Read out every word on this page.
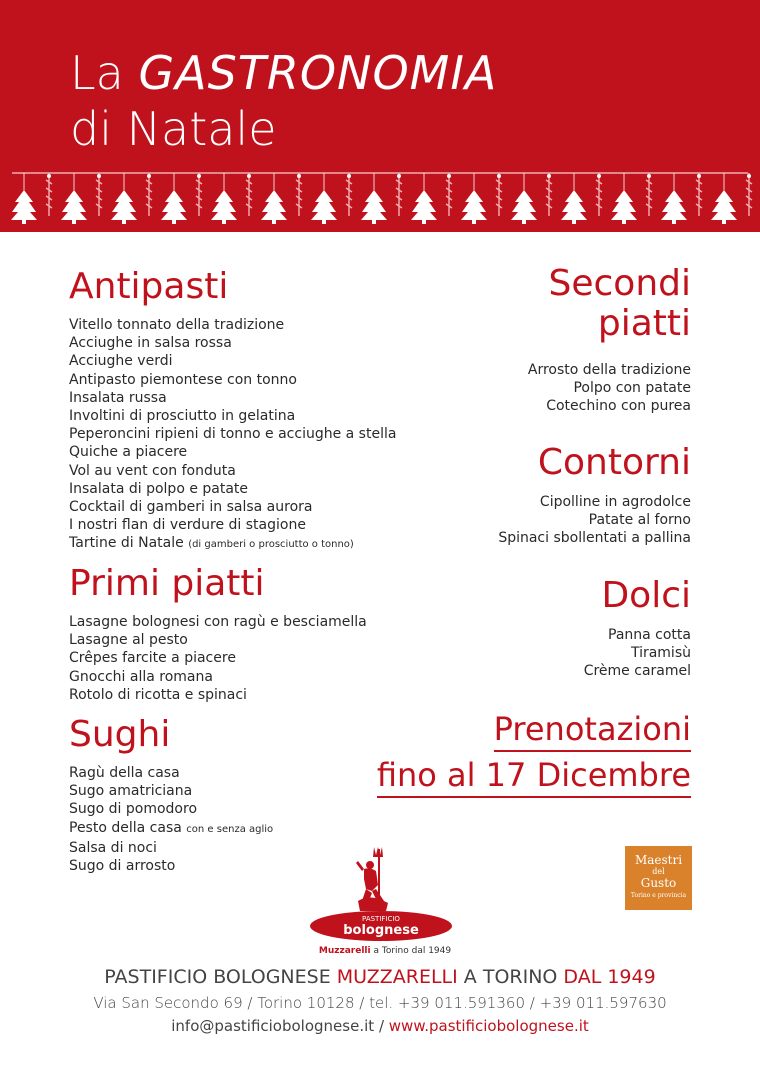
La GASTRONOMIA
di Natale
Antipasti
Vitello tonnato della tradizione
Acciughe in salsa rossa
Acciughe verdi
Antipasto piemontese con tonno
Insalata russa
Involtini di prosciutto in gelatina
Peperoncini ripieni di tonno e acciughe a stella
Quiche a piacere
Vol au vent con fonduta
Insalata di polpo e patate
Cocktail di gamberi in salsa aurora
I nostri flan di verdure di stagione
Tartine di Natale (di gamberi o prosciutto o tonno)
Primi piatti
Lasagne bolognesi con ragù e besciamella
Lasagne al pesto
Crêpes farcite a piacere
Gnocchi alla romana
Rotolo di ricotta e spinaci
Sughi
Ragù della casa
Sugo amatriciana
Sugo di pomodoro
Pesto della casa con e senza aglio
Salsa di noci
Sugo di arrosto
Secondi
piatti
Arrosto della tradizione
Polpo con patate
Cotechino con purea
Contorni
Cipolline in agrodolce
Patate al forno
Spinaci sbollentati a pallina
Dolci
Panna cotta
Tiramisù
Crème caramel
Prenotazioni
fino al 17 Dicembre
PASTIFICIO
bolognese
Muzzarelli a Torino dal 1949
Maestri
del
Gusto
Torino e provincia
PASTIFICIO BOLOGNESE MUZZARELLI A TORINO DAL 1949
Via San Secondo 69 / Torino 10128 / tel. +39 011.591360 / +39 011.597630
info@pastificiobolognese.it / www.pastificiobolognese.it
